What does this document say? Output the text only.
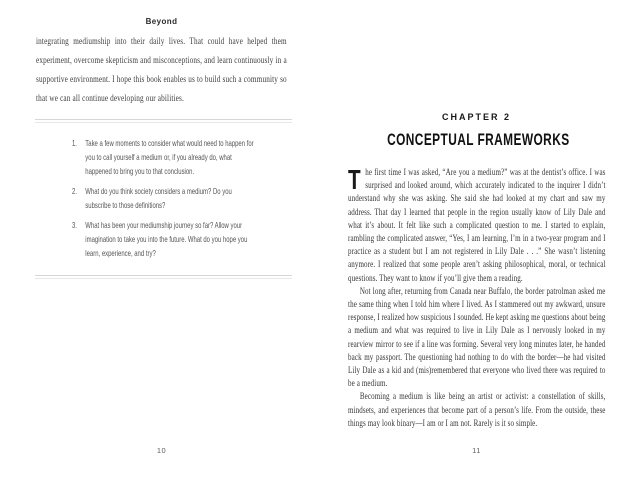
Beyond
integrating mediumship into their daily lives. That could have helped them experiment, overcome skepticism and misconceptions, and learn continuously in a supportive environment. I hope this book enables us to build such a community so that we can all continue developing our abilities.
1. Take a few moments to consider what would need to happen for you to call yourself a medium or, if you already do, what happened to bring you to that conclusion.
2. What do you think society considers a medium? Do you subscribe to those definitions?
3. What has been your mediumship journey so far? Allow your imagination to take you into the future. What do you hope you learn, experience, and try?
10
CHAPTER 2
CONCEPTUAL FRAMEWORKS

The first time I was asked, “Are you a medium?” was at the dentist’s office. I was surprised and looked around, which accurately indicated to the inquirer I didn’t understand why she was asking. She said she had looked at my chart and saw my address. That day I learned that people in the region usually know of Lily Dale and what it’s about. It felt like such a complicated question to me. I started to explain, rambling the complicated answer, “Yes, I am learning, I’m in a two-year program and I practice as a student but I am not registered in Lily Dale . . .” She wasn’t listening anymore. I realized that some people aren’t asking philosophical, moral, or technical questions. They want to know if you’ll give them a reading.

Not long after, returning from Canada near Buffalo, the border patrolman asked me the same thing when I told him where I lived. As I stammered out my awkward, unsure response, I realized how suspicious I sounded. He kept asking me questions about being a medium and what was required to live in Lily Dale as I nervously looked in my rearview mirror to see if a line was forming. Several very long minutes later, he handed back my passport. The questioning had nothing to do with the border—he had visited Lily Dale as a kid and (mis)remembered that everyone who lived there was required to be a medium.

Becoming a medium is like being an artist or activist: a constellation of skills, mindsets, and experiences that become part of a person’s life. From the outside, these things may look binary—I am or I am not. Rarely is it so simple.

11
